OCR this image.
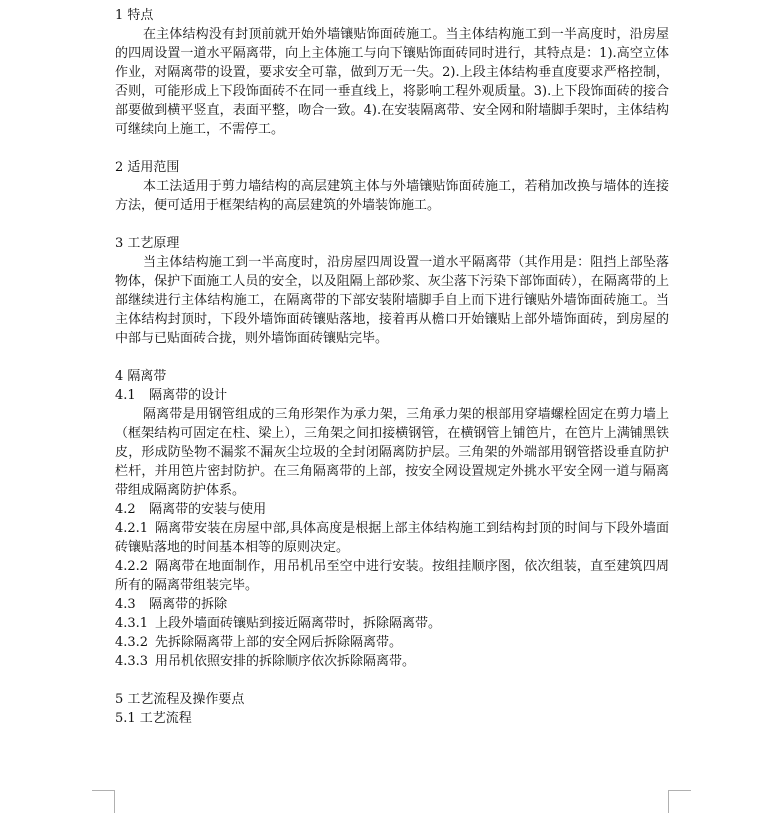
1 特点

在主体结构没有封顶前就开始外墙镶贴饰面砖施工。当主体结构施工到一半高度时，沿房屋的四周设置一道水平隔离带，向上主体施工与向下镶贴饰面砖同时进行，其特点是：1).高空立体作业，对隔离带的设置，要求安全可靠，做到万无一失。2).上段主体结构垂直度要求严格控制，否则，可能形成上下段饰面砖不在同一垂直线上，将影响工程外观质量。3).上下段饰面砖的接合部要做到横平竖直，表面平整，吻合一致。4).在安装隔离带、安全网和附墙脚手架时，主体结构可继续向上施工，不需停工。

2 适用范围

本工法适用于剪力墙结构的高层建筑主体与外墙镶贴饰面砖施工，若稍加改换与墙体的连接方法，便可适用于框架结构的高层建筑的外墙装饰施工。

3 工艺原理

当主体结构施工到一半高度时，沿房屋四周设置一道水平隔离带（其作用是：阻挡上部坠落物体，保护下面施工人员的安全，以及阻隔上部砂浆、灰尘落下污染下部饰面砖），在隔离带的上部继续进行主体结构施工，在隔离带的下部安装附墙脚手自上而下进行镶贴外墙饰面砖施工。当主体结构封顶时，下段外墙饰面砖镶贴落地，接着再从檐口开始镶贴上部外墙饰面砖，到房屋的中部与已贴面砖合拢，则外墙饰面砖镶贴完毕。

4 隔离带

4.1 隔离带的设计

隔离带是用钢管组成的三角形架作为承力架，三角承力架的根部用穿墙螺栓固定在剪力墙上（框架结构可固定在柱、梁上），三角架之间扣接横钢管，在横钢管上铺笆片，在笆片上满铺黑铁皮，形成防坠物不漏浆不漏灰尘垃圾的全封闭隔离防护层。三角架的外端部用钢管搭设垂直防护栏杆，并用笆片密封防护。在三角隔离带的上部，按安全网设置规定外挑水平安全网一道与隔离带组成隔离防护体系。

4.2 隔离带的安装与使用

4.2.1 隔离带安装在房屋中部,具体高度是根据上部主体结构施工到结构封顶的时间与下段外墙面砖镶贴落地的时间基本相等的原则决定。

4.2.2 隔离带在地面制作，用吊机吊至空中进行安装。按组挂顺序图，依次组装，直至建筑四周所有的隔离带组装完毕。

4.3 隔离带的拆除

4.3.1 上段外墙面砖镶贴到接近隔离带时，拆除隔离带。

4.3.2 先拆除隔离带上部的安全网后拆除隔离带。

4.3.3 用吊机依照安排的拆除顺序依次拆除隔离带。

5 工艺流程及操作要点

5.1 工艺流程
